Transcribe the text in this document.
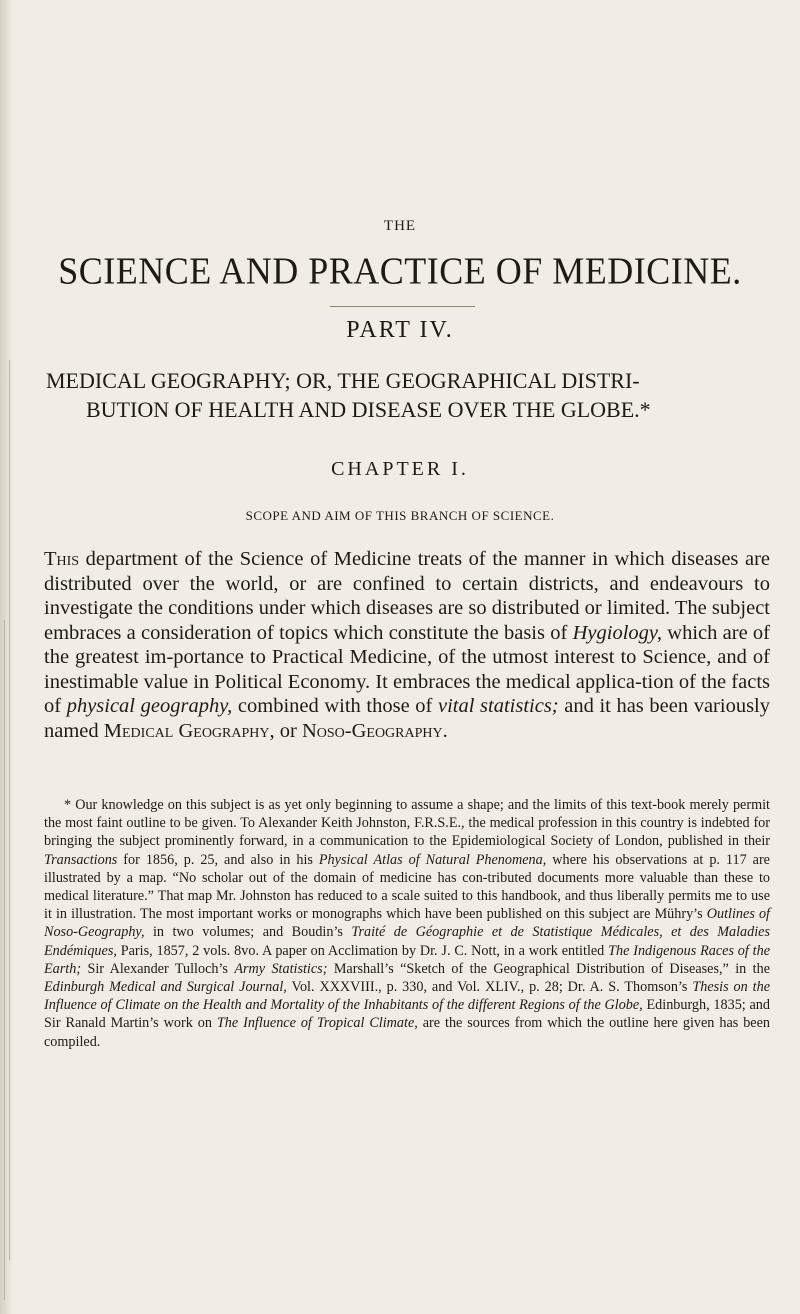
THE
SCIENCE AND PRACTICE OF MEDICINE.
PART IV.

MEDICAL GEOGRAPHY; OR, THE GEOGRAPHICAL DISTRI-

BUTION OF HEALTH AND DISEASE OVER THE GLOBE.*

CHAPTER I.
SCOPE AND AIM OF THIS BRANCH OF SCIENCE.

This department of the Science of Medicine treats of the manner in which diseases are distributed over the world, or are confined to certain districts, and endeavours to investigate the conditions under which diseases are so distributed or limited. The subject embraces a consideration of topics which constitute the basis of Hygiology, which are of the greatest im-portance to Practical Medicine, of the utmost interest to Science, and of inestimable value in Political Economy. It embraces the medical applica-tion of the facts of physical geography, combined with those of vital statistics; and it has been variously named Medical Geography, or Noso-Geography.

* Our knowledge on this subject is as yet only beginning to assume a shape; and the limits of this text-book merely permit the most faint outline to be given. To Alexander Keith Johnston, F.R.S.E., the medical profession in this country is indebted for bringing the subject prominently forward, in a communication to the Epidemiological Society of London, published in their Transactions for 1856, p. 25, and also in his Physical Atlas of Natural Phenomena, where his observations at p. 117 are illustrated by a map. “No scholar out of the domain of medicine has con-tributed documents more valuable than these to medical literature.” That map Mr. Johnston has reduced to a scale suited to this handbook, and thus liberally permits me to use it in illustration. The most important works or monographs which have been published on this subject are Mühry’s Outlines of Noso-Geography, in two volumes; and Boudin’s Traité de Géographie et de Statistique Médicales, et des Maladies Endémiques, Paris, 1857, 2 vols. 8vo. A paper on Acclimation by Dr. J. C. Nott, in a work entitled The Indigenous Races of the Earth; Sir Alexander Tulloch’s Army Statistics; Marshall’s “Sketch of the Geographical Distribution of Diseases,” in the Edinburgh Medical and Surgical Journal, Vol. XXXVIII., p. 330, and Vol. XLIV., p. 28; Dr. A. S. Thomson’s Thesis on the Influence of Climate on the Health and Mortality of the Inhabitants of the different Regions of the Globe, Edinburgh, 1835; and Sir Ranald Martin’s work on The Influence of Tropical Climate, are the sources from which the outline here given has been compiled.
